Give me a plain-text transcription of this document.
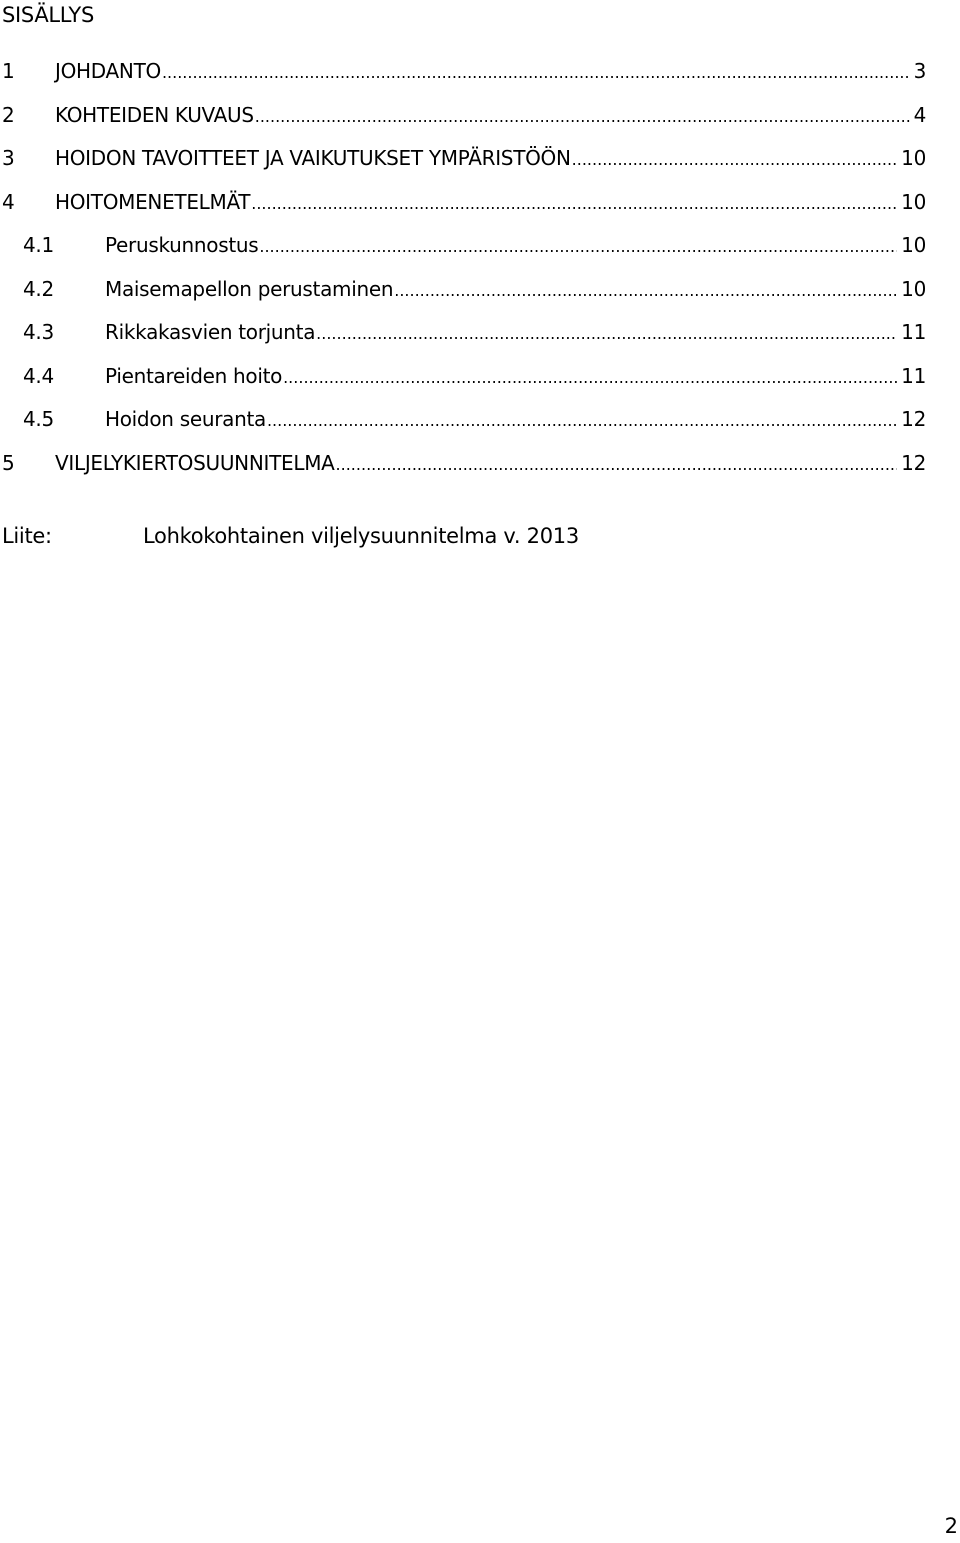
SISÄLLYS
1	JOHDANTO .....	3
2	KOHTEIDEN KUVAUS .....	4
3	HOIDON TAVOITTEET JA VAIKUTUKSET YMPÄRISTÖÖN .....	10
4	HOITOMENETELMÄT .....	10
4.1	Peruskunnostus .....	10
4.2	Maisemapellon perustaminen .....	10
4.3	Rikkakasvien torjunta .....	11
4.4	Pientareiden hoito .....	11
4.5	Hoidon seuranta .....	12
5	VILJELYKIERTOSUUNNITELMA .....	12
Liite:	Lohkokohtainen viljelysuunnitelma v. 2013
2
